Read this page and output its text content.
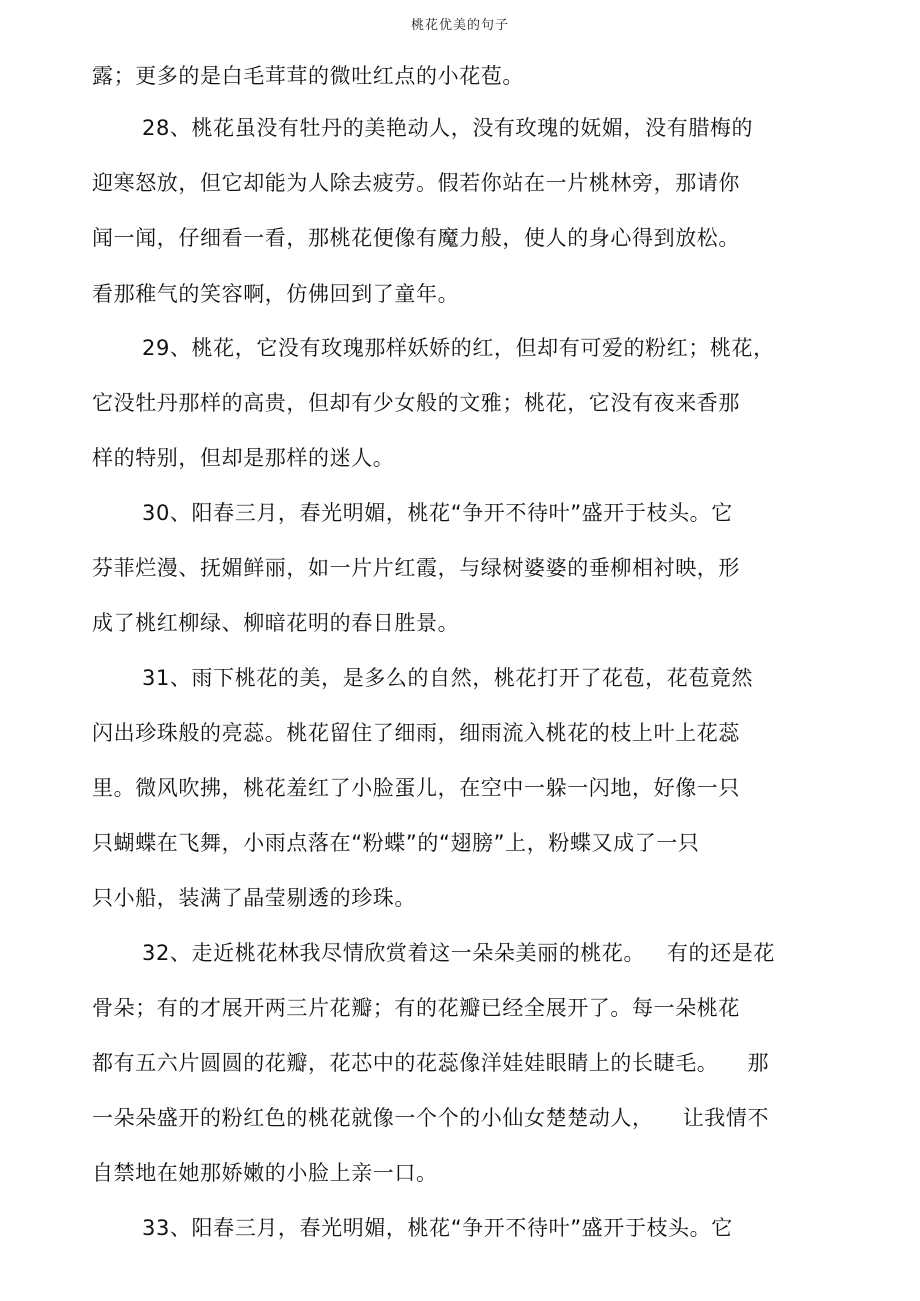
桃花优美的句子
露；更多的是白毛茸茸的微吐红点的小花苞。
28、桃花虽没有牡丹的美艳动人，没有玫瑰的妩媚，没有腊梅的
迎寒怒放，但它却能为人除去疲劳。假若你站在一片桃林旁，那请你
闻一闻，仔细看一看，那桃花便像有魔力般，使人的身心得到放松。
看那稚气的笑容啊，仿佛回到了童年。
29、桃花，它没有玫瑰那样妖娇的红，但却有可爱的粉红；桃花，
它没牡丹那样的高贵，但却有少女般的文雅；桃花，它没有夜来香那
样的特别，但却是那样的迷人。
30、阳春三月，春光明媚，桃花“争开不待叶”盛开于枝头。它
芬菲烂漫、抚媚鲜丽，如一片片红霞，与绿树婆婆的垂柳相衬映，形
成了桃红柳绿、柳暗花明的春日胜景。
31、雨下桃花的美，是多么的自然，桃花打开了花苞，花苞竟然
闪出珍珠般的亮蕊。桃花留住了细雨，细雨流入桃花的枝上叶上花蕊
里。微风吹拂，桃花羞红了小脸蛋儿，在空中一躲一闪地，好像一只
只蝴蝶在飞舞，小雨点落在“粉蝶”的“翅膀”上，粉蝶又成了一只
只小船，装满了晶莹剔透的珍珠。
32、走近桃花林我尽情欣赏着这一朵朵美丽的桃花。   有的还是花
骨朵；有的才展开两三片花瓣；有的花瓣已经全展开了。每一朵桃花
都有五六片圆圆的花瓣，花芯中的花蕊像洋娃娃眼睛上的长睫毛。    那
一朵朵盛开的粉红色的桃花就像一个个的小仙女楚楚动人，    让我情不
自禁地在她那娇嫩的小脸上亲一口。
33、阳春三月，春光明媚，桃花“争开不待叶”盛开于枝头。它
